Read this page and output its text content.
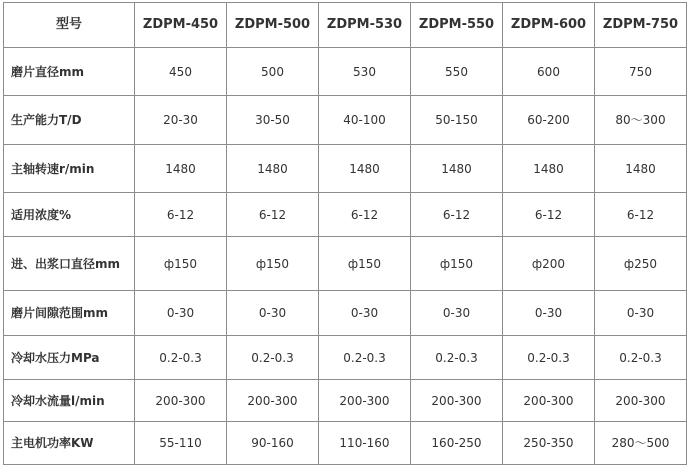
型号	ZDPM-450	ZDPM-500	ZDPM-530	ZDPM-550	ZDPM-600	ZDPM-750
磨片直径mm	450	500	530	550	600	750
生产能力T/D	20-30	30-50	40-100	50-150	60-200	80～300
主轴转速r/min	1480	1480	1480	1480	1480	1480
适用浓度%	6-12	6-12	6-12	6-12	6-12	6-12
进、出浆口直径mm	ф150	ф150	ф150	ф150	ф200	ф250
磨片间隙范围mm	0-30	0-30	0-30	0-30	0-30	0-30
冷却水压力MPa	0.2-0.3	0.2-0.3	0.2-0.3	0.2-0.3	0.2-0.3	0.2-0.3
冷却水流量l/min	200-300	200-300	200-300	200-300	200-300	200-300
主电机功率KW	55-110	90-160	110-160	160-250	250-350	280～500
